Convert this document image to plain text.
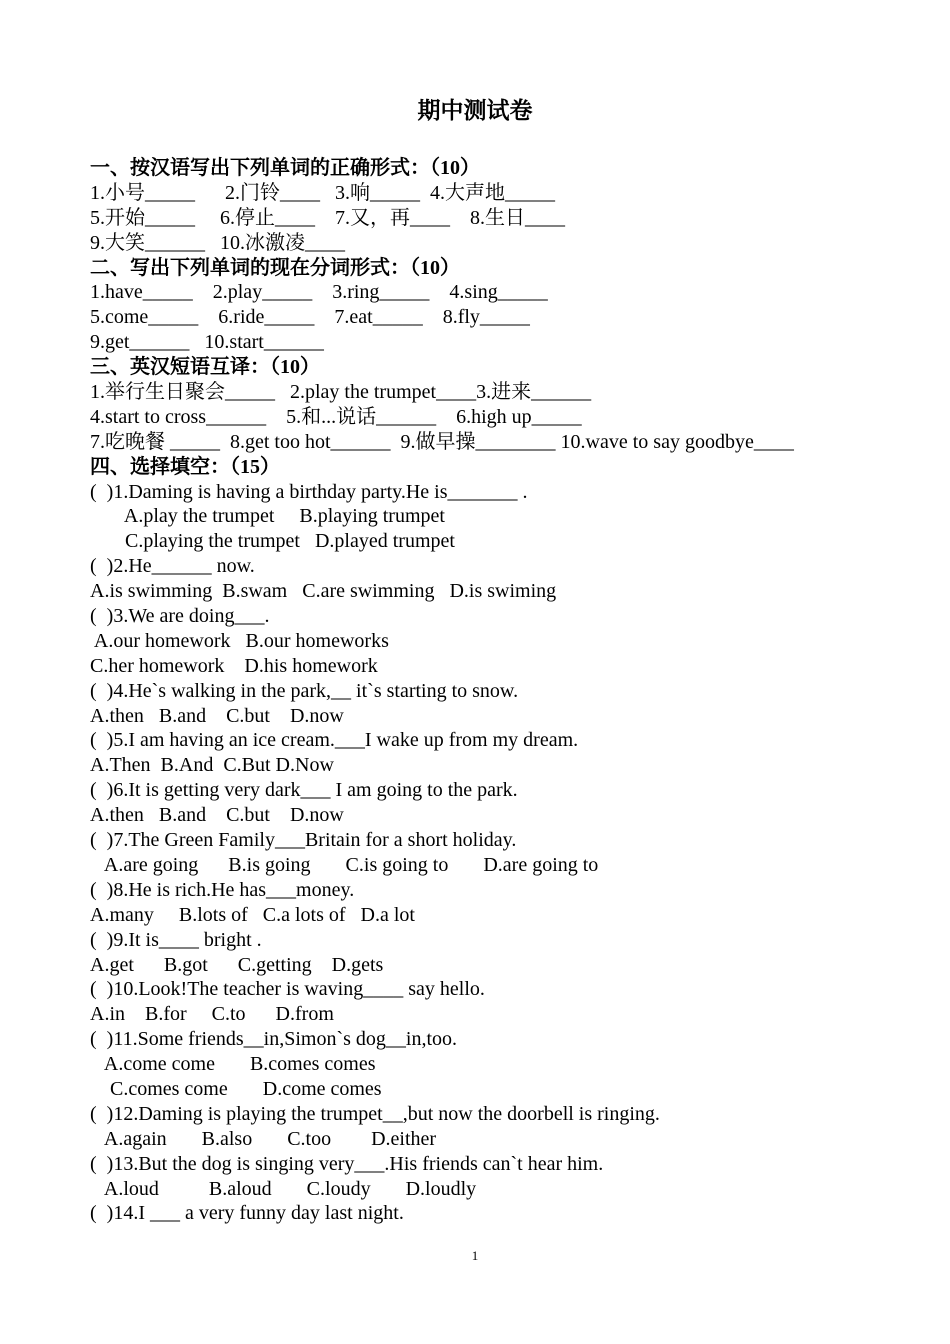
期中测试卷
一、按汉语写出下列单词的正确形式：（10）
1.小号_____      2.门铃____   3.响_____  4.大声地_____
5.开始_____     6.停止____    7.又，再____    8.生日____
9.大笑______   10.冰激凌____
二、写出下列单词的现在分词形式：（10）
1.have_____    2.play_____    3.ring_____    4.sing_____
5.come_____    6.ride_____    7.eat_____    8.fly_____
9.get______   10.start______
三、英汉短语互译：（10）
1.举行生日聚会_____   2.play the trumpet____3.进来______
4.start to cross______    5.和...说话______    6.high up_____
7.吃晚餐 _____  8.get too hot______  9.做早操________ 10.wave to say goodbye____
四、选择填空：（15）
(  )1.Daming is having a birthday party.He is_______ .
A.play the trumpet     B.playing trumpet
C.playing the trumpet   D.played trumpet
(  )2.He______ now.
A.is swimming  B.swam   C.are swimming   D.is swiming
(  )3.We are doing___.
A.our homework   B.our homeworks
C.her homework    D.his homework
(  )4.He`s walking in the park,__ it`s starting to snow.
A.then   B.and    C.but    D.now
(  )5.I am having an ice cream.___I wake up from my dream.
A.Then  B.And  C.But D.Now
(  )6.It is getting very dark___ I am going to the park.
A.then   B.and    C.but    D.now
(  )7.The Green Family___Britain for a short holiday.
A.are going      B.is going       C.is going to       D.are going to
(  )8.He is rich.He has___money.
A.many     B.lots of   C.a lots of   D.a lot
(  )9.It is____ bright .
A.get      B.got      C.getting    D.gets
(  )10.Look!The teacher is waving____ say hello.
A.in    B.for     C.to      D.from
(  )11.Some friends__in,Simon`s dog__in,too.
A.come come       B.comes comes
C.comes come       D.come comes
(  )12.Daming is playing the trumpet__,but now the doorbell is ringing.
A.again       B.also       C.too        D.either
(  )13.But the dog is singing very___.His friends can`t hear him.
A.loud          B.aloud       C.loudy       D.loudly
(  )14.I ___ a very funny day last night.
1
